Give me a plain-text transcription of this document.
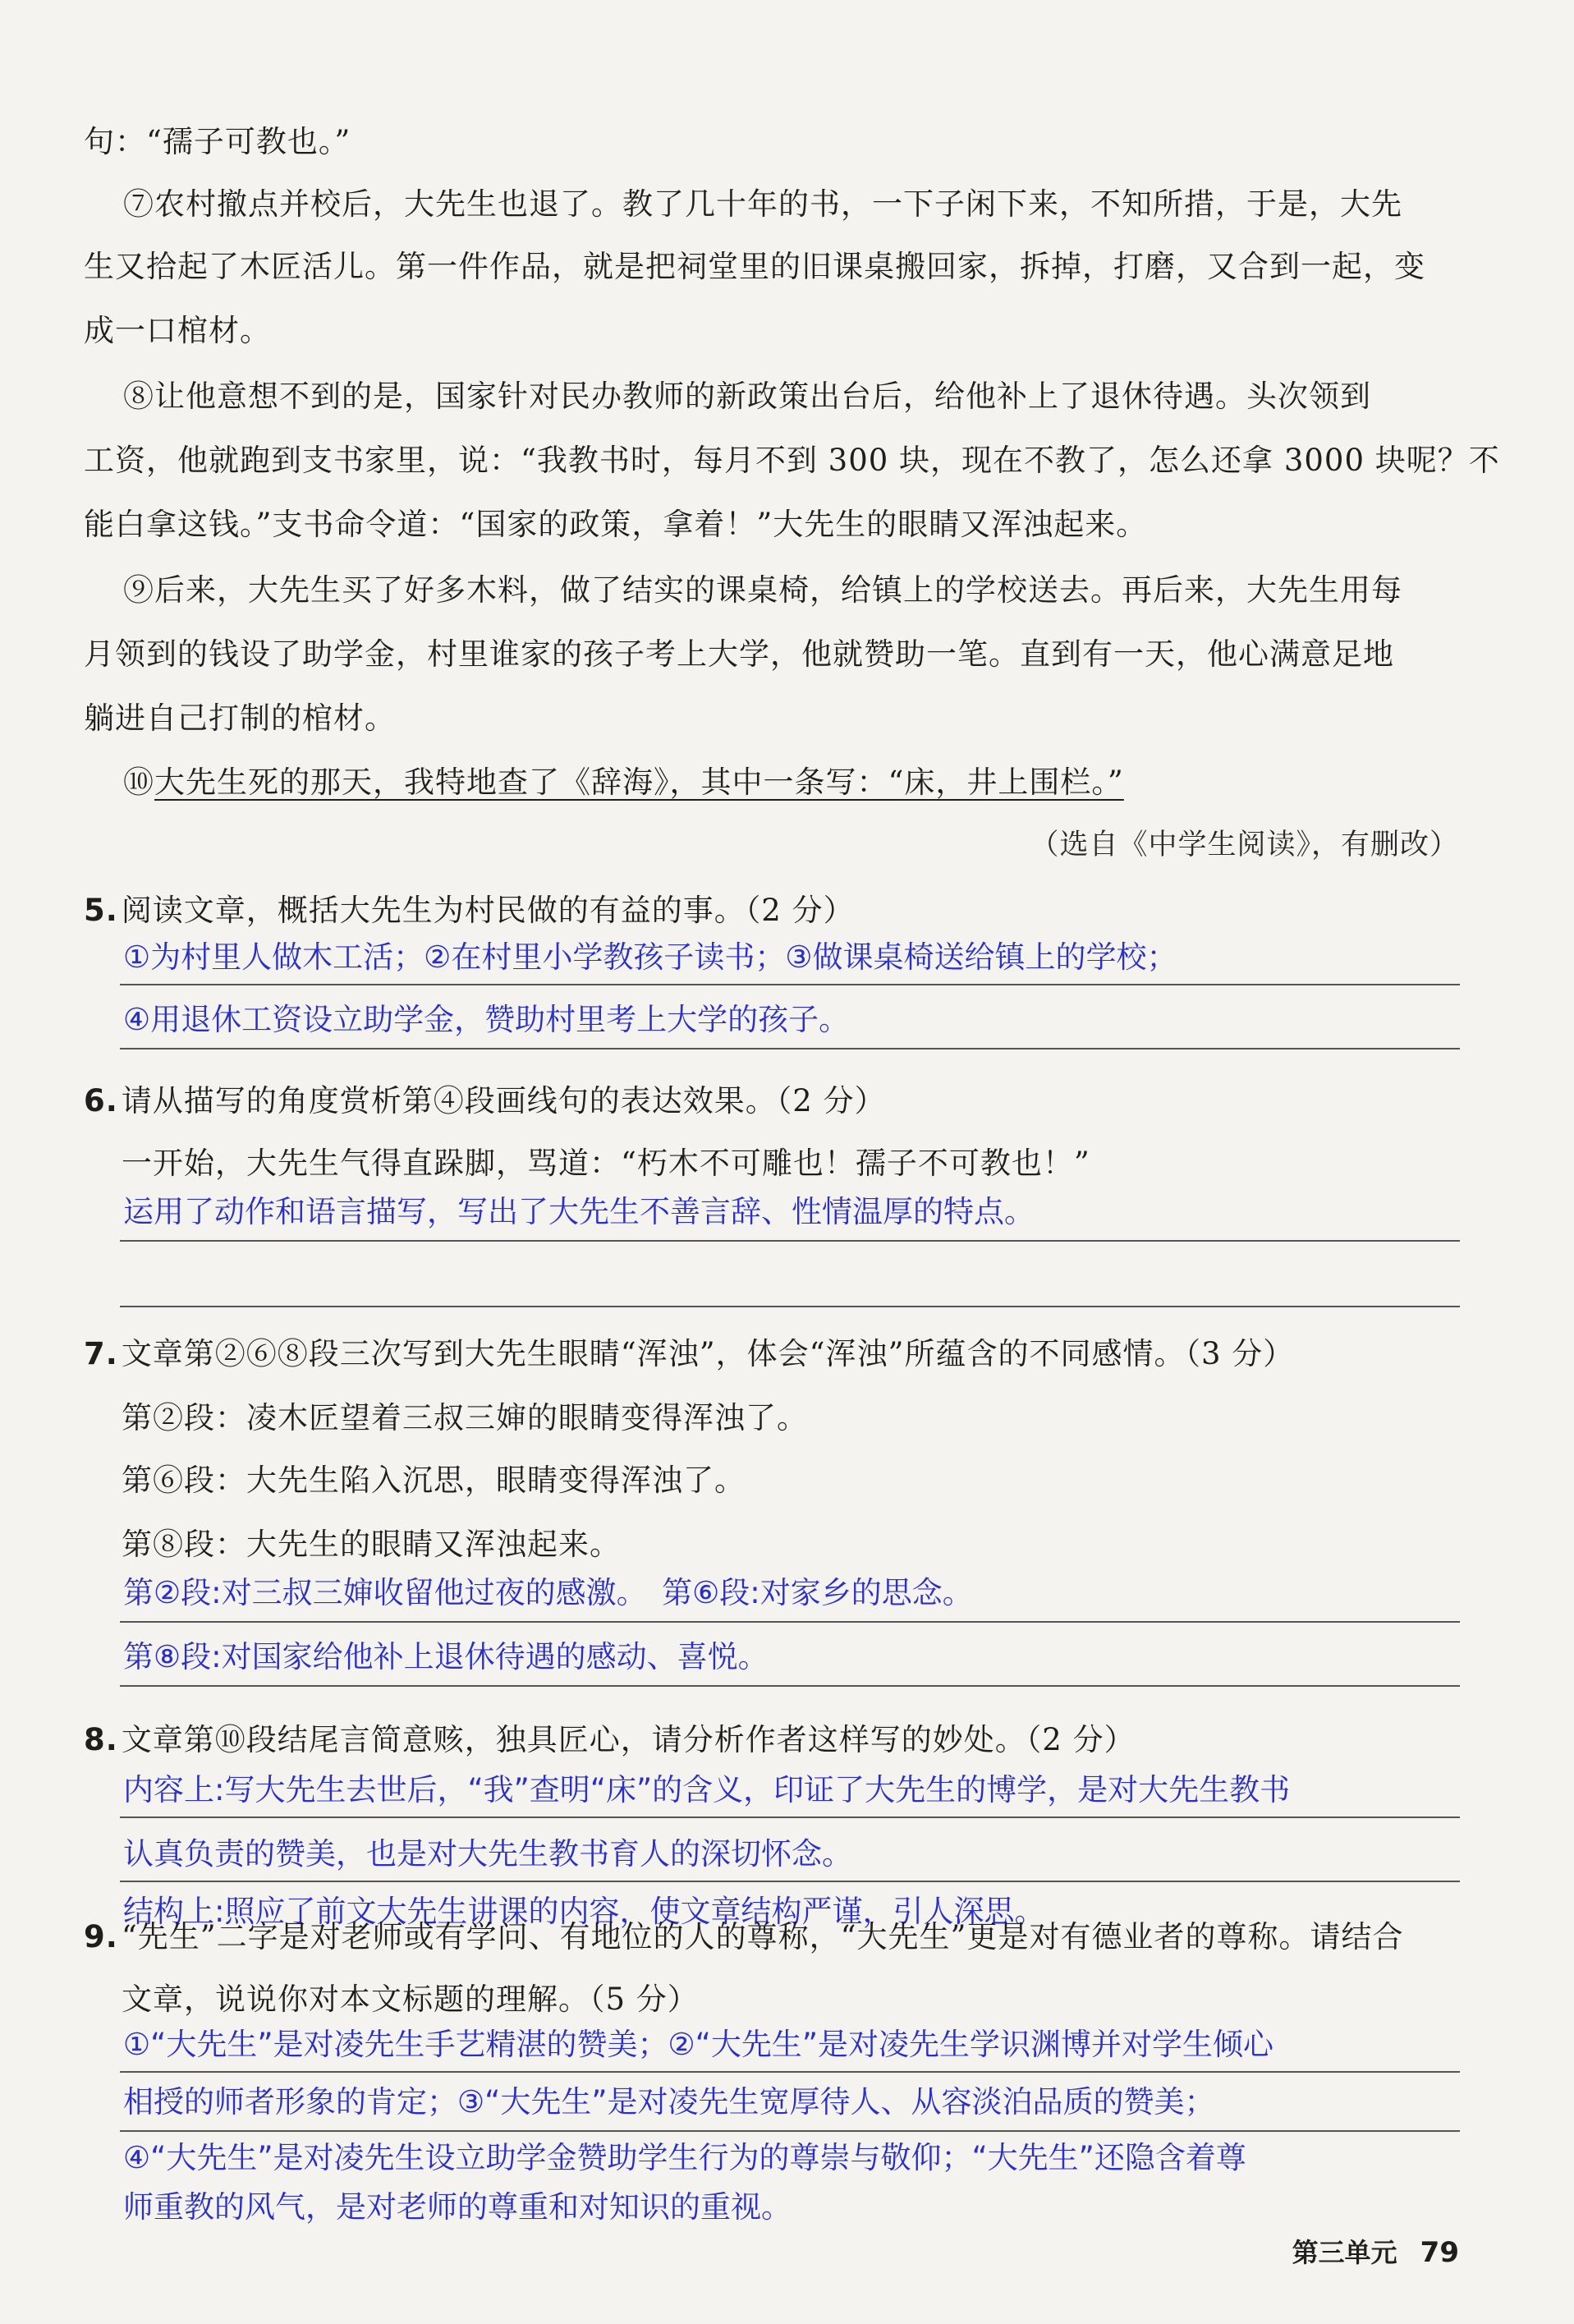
句：“孺子可教也。”
⑦农村撤点并校后，大先生也退了。教了几十年的书，一下子闲下来，不知所措，于是，大先
生又拾起了木匠活儿。第一件作品，就是把祠堂里的旧课桌搬回家，拆掉，打磨，又合到一起，变
成一口棺材。
⑧让他意想不到的是，国家针对民办教师的新政策出台后，给他补上了退休待遇。头次领到
工资，他就跑到支书家里，说：“我教书时，每月不到 300 块，现在不教了，怎么还拿 3000 块呢？不
能白拿这钱。”支书命令道：“国家的政策，拿着！”大先生的眼睛又浑浊起来。
⑨后来，大先生买了好多木料，做了结实的课桌椅，给镇上的学校送去。再后来，大先生用每
月领到的钱设了助学金，村里谁家的孩子考上大学，他就赞助一笔。直到有一天，他心满意足地
躺进自己打制的棺材。
⑩大先生死的那天，我特地查了《辞海》，其中一条写：“床，井上围栏。”
（选自《中学生阅读》，有删改）
5. 阅读文章，概括大先生为村民做的有益的事。（2 分）
①为村里人做木工活；②在村里小学教孩子读书；③做课桌椅送给镇上的学校；
④用退休工资设立助学金，赞助村里考上大学的孩子。
6. 请从描写的角度赏析第④段画线句的表达效果。（2 分）
一开始，大先生气得直跺脚，骂道：“朽木不可雕也！孺子不可教也！”
运用了动作和语言描写，写出了大先生不善言辞、性情温厚的特点。
7. 文章第②⑥⑧段三次写到大先生眼睛“浑浊”，体会“浑浊”所蕴含的不同感情。（3 分）
第②段：凌木匠望着三叔三婶的眼睛变得浑浊了。
第⑥段：大先生陷入沉思，眼睛变得浑浊了。
第⑧段：大先生的眼睛又浑浊起来。
第②段:对三叔三婶收留他过夜的感激。　第⑥段:对家乡的思念。
第⑧段:对国家给他补上退休待遇的感动、喜悦。
8. 文章第⑩段结尾言简意赅，独具匠心，请分析作者这样写的妙处。（2 分）
内容上:写大先生去世后，“我”查明“床”的含义，印证了大先生的博学，是对大先生教书
认真负责的赞美，也是对大先生教书育人的深切怀念。
结构上:照应了前文大先生讲课的内容，使文章结构严谨，引人深思。
9. “先生”二字是对老师或有学问、有地位的人的尊称，“大先生”更是对有德业者的尊称。请结合
文章，说说你对本文标题的理解。（5 分）
①“大先生”是对凌先生手艺精湛的赞美；②“大先生”是对凌先生学识渊博并对学生倾心
相授的师者形象的肯定；③“大先生”是对凌先生宽厚待人、从容淡泊品质的赞美；
④“大先生”是对凌先生设立助学金赞助学生行为的尊崇与敬仰；“大先生”还隐含着尊
师重教的风气，是对老师的尊重和对知识的重视。
第三单元 79
